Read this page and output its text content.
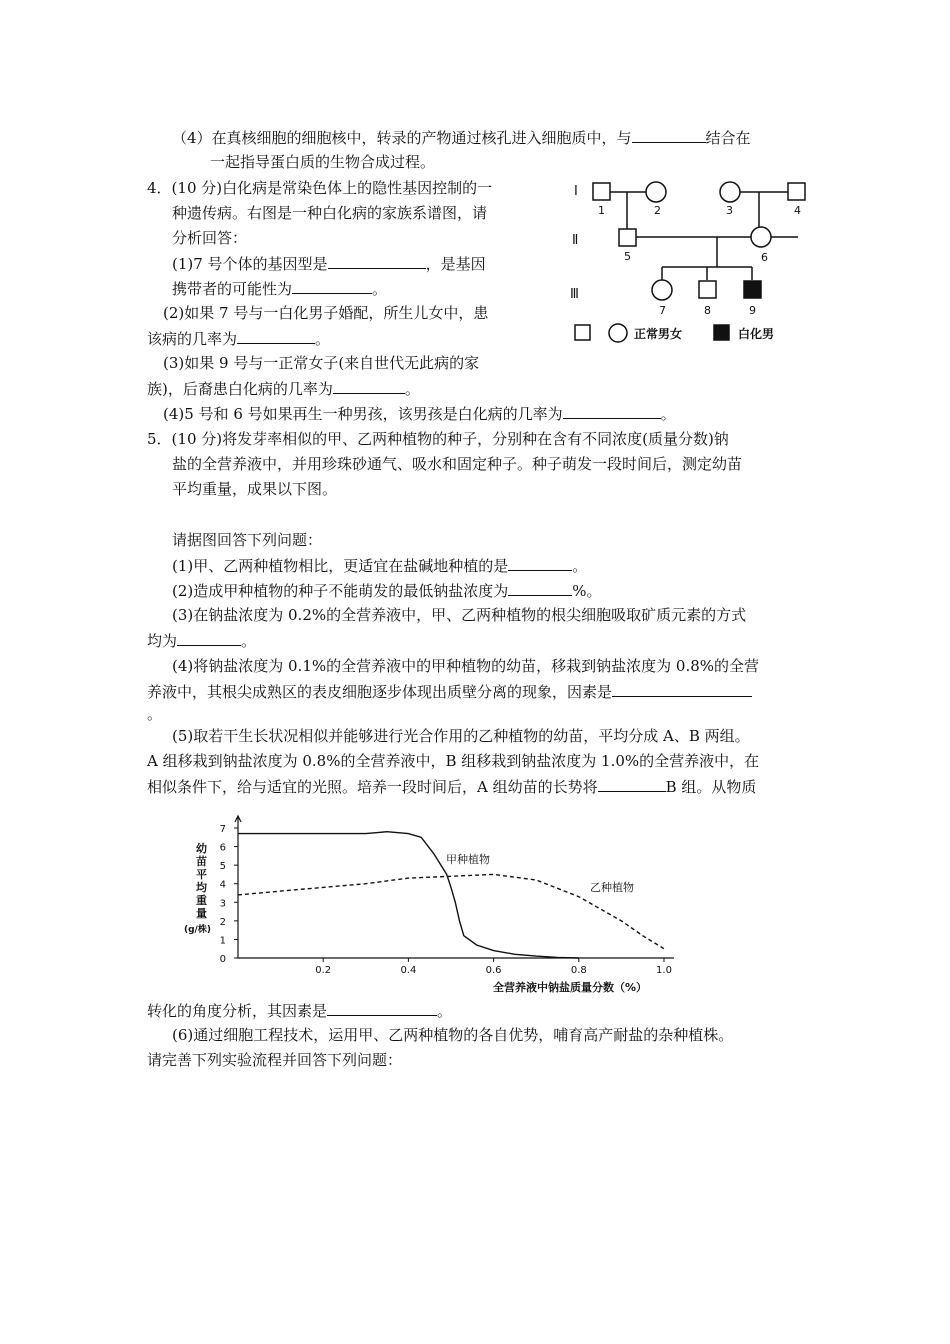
（4）在真核细胞的细胞核中，转录的产物通过核孔进入细胞质中，与	结合在
一起指导蛋白质的生物合成过程。
4．(10 分)白化病是常染色体上的隐性基因控制的一
种遗传病。右图是一种白化病的家族系谱图，请
分析回答：
(1)7 号个体的基因型是	，是基因
携带者的可能性为	。
(2)如果 7 号与一白化男子婚配，所生儿女中，患
该病的几率为	。
(3)如果 9 号与一正常女子(来自世代无此病的家
族)，后裔患白化病的几率为	。
(4)5 号和 6 号如果再生一种男孩，该男孩是白化病的几率为	。
Ⅰ
Ⅱ
Ⅲ
1	2	3	4
5	6
7	8	9
正常男女	白化男
5．(10 分)将发芽率相似的甲、乙两种植物的种子，分别种在含有不同浓度(质量分数)钠
盐的全营养液中，并用珍珠砂通气、吸水和固定种子。种子萌发一段时间后，测定幼苗
平均重量，成果以下图。
请据图回答下列问题：
(1)甲、乙两种植物相比，更适宜在盐碱地种植的是	。
(2)造成甲种植物的种子不能萌发的最低钠盐浓度为	%。
(3)在钠盐浓度为 0.2%的全营养液中，甲、乙两种植物的根尖细胞吸取矿质元素的方式
均为	。
(4)将钠盐浓度为 0.1%的全营养液中的甲种植物的幼苗，移栽到钠盐浓度为 0.8%的全营
养液中，其根尖成熟区的表皮细胞逐步体现出质壁分离的现象，因素是
。
(5)取若干生长状况相似并能够进行光合作用的乙种植物的幼苗，平均分成 A、B 两组。
A 组移栽到钠盐浓度为 0.8%的全营养液中，B 组移栽到钠盐浓度为 1.0%的全营养液中，在
相似条件下，给与适宜的光照。培养一段时间后，A 组幼苗的长势将	B 组。从物质
0
1
2
3
4
5
6
7
0.2	0.4	0.6	0.8	1.0
甲种植物
乙种植物
幼苗平均重量(g/株)
全营养液中钠盐质量分数（%）
转化的角度分析，其因素是	。
(6)通过细胞工程技术，运用甲、乙两种植物的各自优势，哺育高产耐盐的杂种植株。
请完善下列实验流程并回答下列问题：
